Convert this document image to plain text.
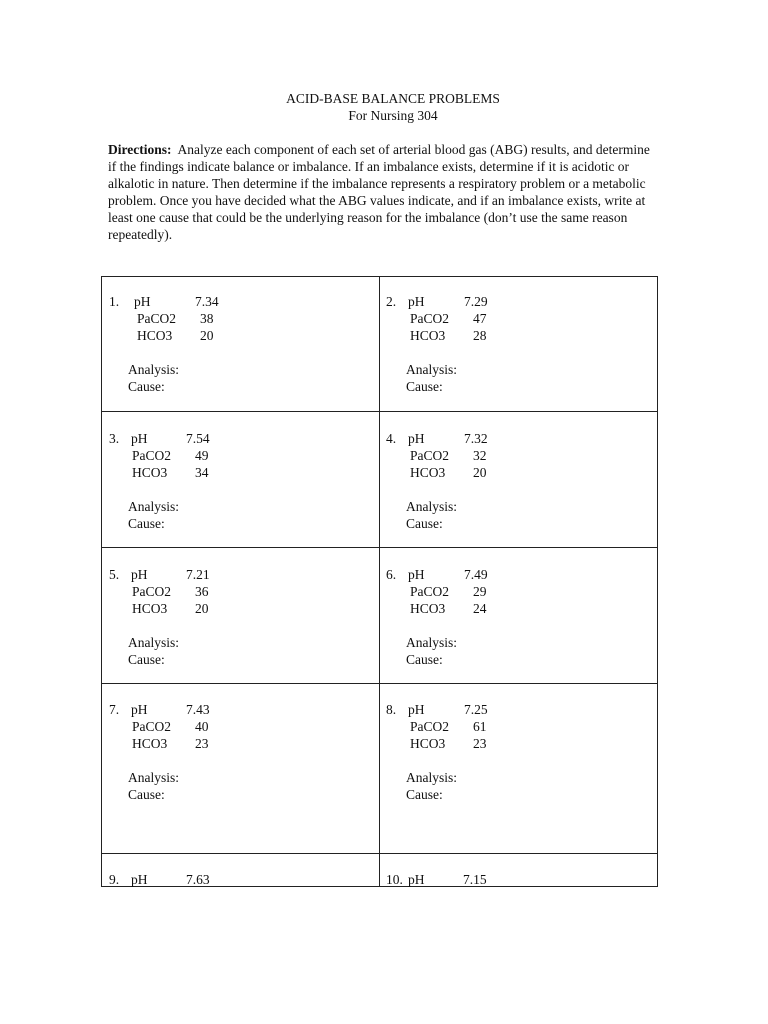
ACID-BASE BALANCE PROBLEMS
For Nursing 304
Directions: Analyze each component of each set of arterial blood gas (ABG) results, and determine if the findings indicate balance or imbalance. If an imbalance exists, determine if it is acidotic or alkalotic in nature. Then determine if the imbalance represents a respiratory problem or a metabolic problem. Once you have decided what the ABG values indicate, and if an imbalance exists, write at least one cause that could be the underlying reason for the imbalance (don’t use the same reason repeatedly).
1. pH	7.34
PaCO2 38
HCO3 20
Analysis:
Cause:
2. pH	7.29
PaCO2 47
HCO3 28
Analysis:
Cause:
3. pH	7.54
PaCO2 49
HCO3 34
Analysis:
Cause:
4. pH	7.32
PaCO2 32
HCO3 20
Analysis:
Cause:
5. pH	7.21
PaCO2 36
HCO3 20
Analysis:
Cause:
6. pH	7.49
PaCO2 29
HCO3 24
Analysis:
Cause:
7. pH	7.43
PaCO2 40
HCO3 23
Analysis:
Cause:
8. pH	7.25
PaCO2 61
HCO3 23
Analysis:
Cause:
9. pH	7.63	10. pH	7.15
